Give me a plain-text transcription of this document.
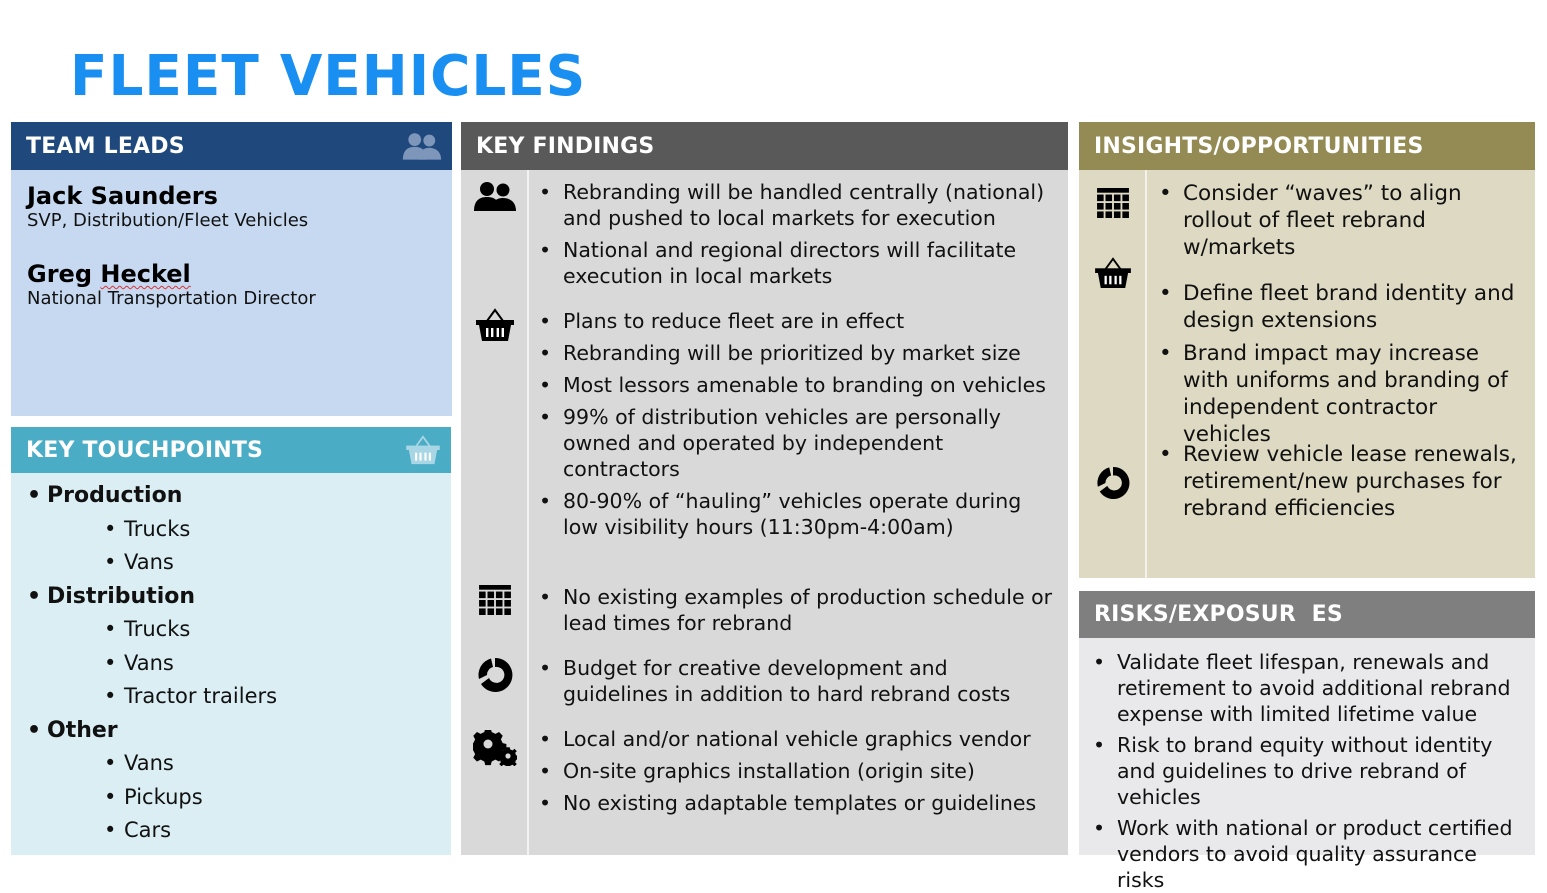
FLEET VEHICLES
TEAM LEADS
Jack Saunders
SVP, Distribution/Fleet Vehicles
Greg Heckel
National Transportation Director
KEY TOUCHPOINTS
• Production
• Trucks
• Vans
• Distribution
• Trucks
• Vans
• Tractor trailers
• Other
• Vans
• Pickups
• Cars
KEY FINDINGS
• Rebranding will be handled centrally (national) and pushed to local markets for execution
• National and regional directors will facilitate execution in local markets
• Plans to reduce fleet are in effect
• Rebranding will be prioritized by market size
• Most lessors amenable to branding on vehicles
• 99% of distribution vehicles are personally owned and operated by independent contractors
• 80-90% of “hauling” vehicles operate during low visibility hours (11:30pm-4:00am)
• No existing examples of production schedule or lead times for rebrand
• Budget for creative development and guidelines in addition to hard rebrand costs
• Local and/or national vehicle graphics vendor
• On-site graphics installation (origin site)
• No existing adaptable templates or guidelines
INSIGHTS/OPPORTUNITIES
• Consider “waves” to align rollout of fleet rebrand w/markets
• Define fleet brand identity and design extensions
• Brand impact may increase with uniforms and branding of independent contractor vehicles
• Review vehicle lease renewals, retirement/new purchases for rebrand efficiencies
RISKS/EXPOSUR  ES
• Validate fleet lifespan, renewals and retirement to avoid additional rebrand expense with limited lifetime value
• Risk to brand equity without identity and guidelines to drive rebrand of vehicles
• Work with national or product certified vendors to avoid quality assurance risks
